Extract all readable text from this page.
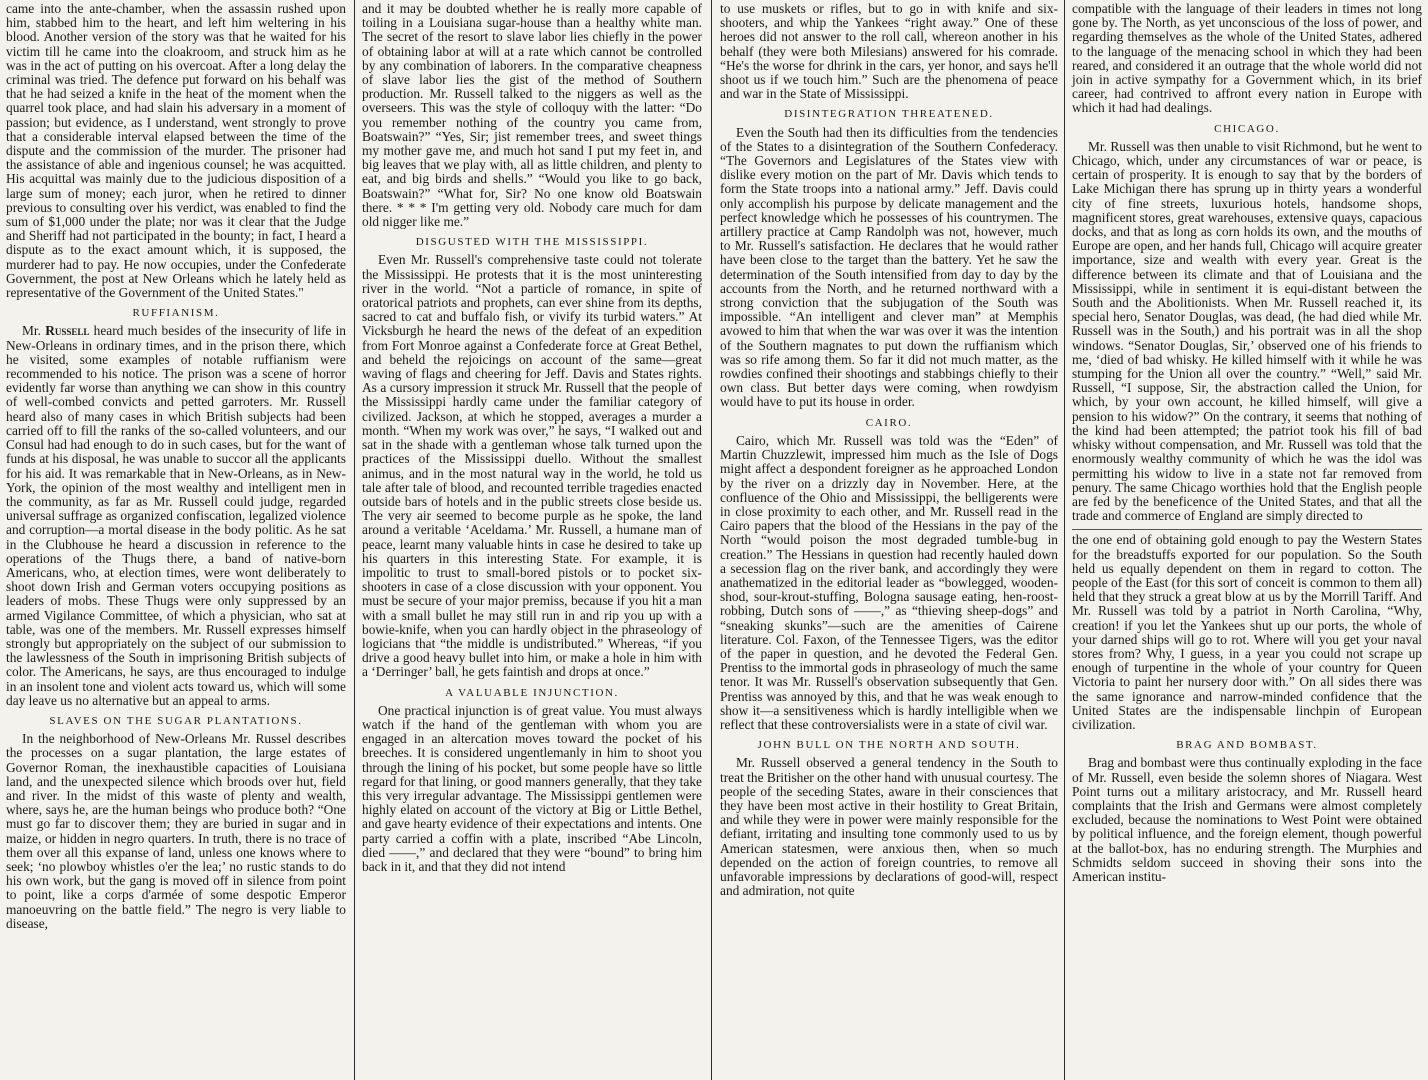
came into the ante-chamber, when the assassin rushed upon him, stabbed him to the heart, and left him weltering in his blood. Another version of the story was that he waited for his victim till he came into the cloakroom, and struck him as he was in the act of putting on his overcoat. After a long delay the criminal was tried. The defence put forward on his behalf was that he had seized a knife in the heat of the moment when the quarrel took place, and had slain his adversary in a moment of passion; but evidence, as I understand, went strongly to prove that a considerable interval elapsed between the time of the dispute and the commission of the murder. The prisoner had the assistance of able and ingenious counsel; he was acquitted. His acquittal was mainly due to the judicious disposition of a large sum of money; each juror, when he retired to dinner previous to consulting over his verdict, was enabled to find the sum of $1,000 under the plate; nor was it clear that the Judge and Sheriff had not participated in the bounty; in fact, I heard a dispute as to the exact amount which, it is supposed, the murderer had to pay. He now occupies, under the Confederate Government, the post at New Orleans which he lately held as representative of the Government of the United States."

RUFFIANISM.

Mr. Russell heard much besides of the insecurity of life in New-Orleans in ordinary times, and in the prison there, which he visited, some examples of notable ruffianism were recommended to his notice. The prison was a scene of horror evidently far worse than anything we can show in this country of well-combed convicts and petted garroters. Mr. Russell heard also of many cases in which British subjects had been carried off to fill the ranks of the so-called volunteers, and our Consul had had enough to do in such cases, but for the want of funds at his disposal, he was unable to succor all the applicants for his aid. It was remarkable that in New-Orleans, as in New-York, the opinion of the most wealthy and intelligent men in the community, as far as Mr. Russell could judge, regarded universal suffrage as organized confiscation, legalized violence and corruption—a mortal disease in the body politic. As he sat in the Clubhouse he heard a discussion in reference to the operations of the Thugs there, a band of native-born Americans, who, at election times, were wont deliberately to shoot down Irish and German voters occupying positions as leaders of mobs. These Thugs were only suppressed by an armed Vigilance Committee, of which a physician, who sat at table, was one of the members. Mr. Russell expresses himself strongly but appropriately on the subject of our submission to the lawlessness of the South in imprisoning British subjects of color. The Americans, he says, are thus encouraged to indulge in an insolent tone and violent acts toward us, which will some day leave us no alternative but an appeal to arms.

SLAVES ON THE SUGAR PLANTATIONS.

In the neighborhood of New-Orleans Mr. Russel describes the processes on a sugar plantation, the large estates of Governor Roman, the inexhaustible capacities of Louisiana land, and the unexpected silence which broods over hut, field and river. In the midst of this waste of plenty and wealth, where, says he, are the human beings who produce both? “One must go far to discover them; they are buried in sugar and in maize, or hidden in negro quarters. In truth, there is no trace of them over all this expanse of land, unless one knows where to seek; ‘no plowboy whistles o'er the lea;’ no rustic stands to do his own work, but the gang is moved off in silence from point to point, like a corps d'armée of some despotic Emperor manoeuvring on the battle field.” The negro is very liable to disease,

and it may be doubted whether he is really more capable of toiling in a Louisiana sugar-house than a healthy white man. The secret of the resort to slave labor lies chiefly in the power of obtaining labor at will at a rate which cannot be controlled by any combination of laborers. In the comparative cheapness of slave labor lies the gist of the method of Southern production. Mr. Russell talked to the niggers as well as the overseers. This was the style of colloquy with the latter: “Do you remember nothing of the country you came from, Boatswain?” “Yes, Sir; jist remember trees, and sweet things my mother gave me, and much hot sand I put my feet in, and big leaves that we play with, all as little children, and plenty to eat, and big birds and shells.” “Would you like to go back, Boatswain?” “What for, Sir? No one know old Boatswain there. * * * I'm getting very old. Nobody care much for dam old nigger like me.”

DISGUSTED WITH THE MISSISSIPPI.

Even Mr. Russell's comprehensive taste could not tolerate the Mississippi. He protests that it is the most uninteresting river in the world. “Not a particle of romance, in spite of oratorical patriots and prophets, can ever shine from its depths, sacred to cat and buffalo fish, or vivify its turbid waters.” At Vicksburgh he heard the news of the defeat of an expedition from Fort Monroe against a Confederate force at Great Bethel, and beheld the rejoicings on account of the same—great waving of flags and cheering for Jeff. Davis and States rights. As a cursory impression it struck Mr. Russell that the people of the Mississippi hardly came under the familiar category of civilized. Jackson, at which he stopped, averages a murder a month. “When my work was over,” he says, “I walked out and sat in the shade with a gentleman whose talk turned upon the practices of the Mississippi duello. Without the smallest animus, and in the most natural way in the world, he told us tale after tale of blood, and recounted terrible tragedies enacted outside bars of hotels and in the public streets close beside us. The very air seemed to become purple as he spoke, the land around a veritable ‘Aceldama.’ Mr. Russell, a humane man of peace, learnt many valuable hints in case he desired to take up his quarters in this interesting State. For example, it is impolitic to trust to small-bored pistols or to pocket six-shooters in case of a close discussion with your opponent. You must be secure of your major premiss, because if you hit a man with a small bullet he may still run in and rip you up with a bowie-knife, when you can hardly object in the phraseology of logicians that “the middle is undistributed.” Whereas, “if you drive a good heavy bullet into him, or make a hole in him with a ‘Derringer’ ball, he gets faintish and drops at once.”

A VALUABLE INJUNCTION.

One practical injunction is of great value. You must always watch if the hand of the gentleman with whom you are engaged in an altercation moves toward the pocket of his breeches. It is considered ungentlemanly in him to shoot you through the lining of his pocket, but some people have so little regard for that lining, or good manners generally, that they take this very irregular advantage. The Mississippi gentlemen were highly elated on account of the victory at Big or Little Bethel, and gave hearty evidence of their expectations and intents. One party carried a coffin with a plate, inscribed “Abe Lincoln, died ——,” and declared that they were “bound” to bring him back in it, and that they did not intend

to use muskets or rifles, but to go in with knife and six-shooters, and whip the Yankees “right away.” One of these heroes did not answer to the roll call, whereon another in his behalf (they were both Milesians) answered for his comrade. “He's the worse for dhrink in the cars, yer honor, and says he'll shoot us if we touch him.” Such are the phenomena of peace and war in the State of Mississippi.

DISINTEGRATION THREATENED.

Even the South had then its difficulties from the tendencies of the States to a disintegration of the Southern Confederacy. “The Governors and Legislatures of the States view with dislike every motion on the part of Mr. Davis which tends to form the State troops into a national army.” Jeff. Davis could only accomplish his purpose by delicate management and the perfect knowledge which he possesses of his countrymen. The artillery practice at Camp Randolph was not, however, much to Mr. Russell's satisfaction. He declares that he would rather have been close to the target than the battery. Yet he saw the determination of the South intensified from day to day by the accounts from the North, and he returned northward with a strong conviction that the subjugation of the South was impossible. “An intelligent and clever man” at Memphis avowed to him that when the war was over it was the intention of the Southern magnates to put down the ruffianism which was so rife among them. So far it did not much matter, as the rowdies confined their shootings and stabbings chiefly to their own class. But better days were coming, when rowdyism would have to put its house in order.

CAIRO.

Cairo, which Mr. Russell was told was the “Eden” of Martin Chuzzlewit, impressed him much as the Isle of Dogs might affect a despondent foreigner as he approached London by the river on a drizzly day in November. Here, at the confluence of the Ohio and Mississippi, the belligerents were in close proximity to each other, and Mr. Russell read in the Cairo papers that the blood of the Hessians in the pay of the North “would poison the most degraded tumble-bug in creation.” The Hessians in question had recently hauled down a secession flag on the river bank, and accordingly they were anathematized in the editorial leader as “bowlegged, wooden-shod, sour-krout-stuffing, Bologna sausage eating, hen-roost-robbing, Dutch sons of ——,” as “thieving sheep-dogs” and “sneaking skunks”—such are the amenities of Cairene literature. Col. Faxon, of the Tennessee Tigers, was the editor of the paper in question, and he devoted the Federal Gen. Prentiss to the immortal gods in phraseology of much the same tenor. It was Mr. Russell's observation subsequently that Gen. Prentiss was annoyed by this, and that he was weak enough to show it—a sensitiveness which is hardly intelligible when we reflect that these controversialists were in a state of civil war.

JOHN BULL ON THE NORTH AND SOUTH.

Mr. Russell observed a general tendency in the South to treat the Britisher on the other hand with unusual courtesy. The people of the seceding States, aware in their consciences that they have been most active in their hostility to Great Britain, and while they were in power were mainly responsible for the defiant, irritating and insulting tone commonly used to us by American statesmen, were anxious then, when so much depended on the action of foreign countries, to remove all unfavorable impressions by declarations of good-will, respect and admiration, not quite

compatible with the language of their leaders in times not long gone by. The North, as yet unconscious of the loss of power, and regarding themselves as the whole of the United States, adhered to the language of the menacing school in which they had been reared, and considered it an outrage that the whole world did not join in active sympathy for a Government which, in its brief career, had contrived to affront every nation in Europe with which it had had dealings.

CHICAGO.

Mr. Russell was then unable to visit Richmond, but he went to Chicago, which, under any circumstances of war or peace, is certain of prosperity. It is enough to say that by the borders of Lake Michigan there has sprung up in thirty years a wonderful city of fine streets, luxurious hotels, handsome shops, magnificent stores, great warehouses, extensive quays, capacious docks, and that as long as corn holds its own, and the mouths of Europe are open, and her hands full, Chicago will acquire greater importance, size and wealth with every year. Great is the difference between its climate and that of Louisiana and the Mississippi, while in sentiment it is equi-distant between the South and the Abolitionists. When Mr. Russell reached it, its special hero, Senator Douglas, was dead, (he had died while Mr. Russell was in the South,) and his portrait was in all the shop windows. “Senator Douglas, Sir,’ observed one of his friends to me, ‘died of bad whisky. He killed himself with it while he was stumping for the Union all over the country.” “Well,” said Mr. Russell, “I suppose, Sir, the abstraction called the Union, for which, by your own account, he killed himself, will give a pension to his widow?” On the contrary, it seems that nothing of the kind had been attempted; the patriot took his fill of bad whisky without compensation, and Mr. Russell was told that the enormously wealthy community of which he was the idol was permitting his widow to live in a state not far removed from penury. The same Chicago worthies hold that the English people are fed by the beneficence of the United States, and that all the trade and commerce of England are simply directed to

the one end of obtaining gold enough to pay the Western States for the breadstuffs exported for our population. So the South held us equally dependent on them in regard to cotton. The people of the East (for this sort of conceit is common to them all) held that they struck a great blow at us by the Morrill Tariff. And Mr. Russell was told by a patriot in North Carolina, “Why, creation! if you let the Yankees shut up our ports, the whole of your darned ships will go to rot. Where will you get your naval stores from? Why, I guess, in a year you could not scrape up enough of turpentine in the whole of your country for Queen Victoria to paint her nursery door with.” On all sides there was the same ignorance and narrow-minded confidence that the United States are the indispensable linchpin of European civilization.

BRAG AND BOMBAST.

Brag and bombast were thus continually exploding in the face of Mr. Russell, even beside the solemn shores of Niagara. West Point turns out a military aristocracy, and Mr. Russell heard complaints that the Irish and Germans were almost completely excluded, because the nominations to West Point were obtained by political influence, and the foreign element, though powerful at the ballot-box, has no enduring strength. The Murphies and Schmidts seldom succeed in shoving their sons into the American institu-
